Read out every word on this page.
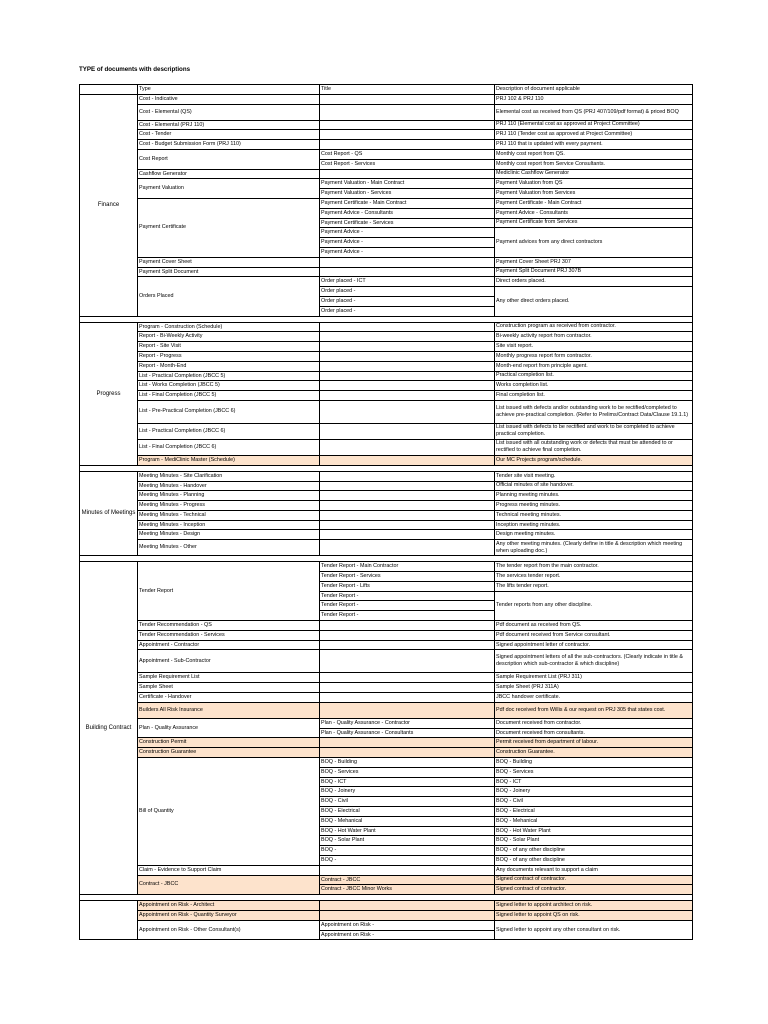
TYPE of documents with descriptions
	Type	Title	Description of document applicable
Finance	Cost - Indicative		PRJ 102 & PRJ 110
	Cost - Elemental (QS)		Elemental cost as received from QS (PRJ 407/109/pdf format) & priced BOQ
	Cost - Elemental (PRJ 110)		PRJ 110 (Elemental cost as approved at Project Committee)
	Cost - Tender		PRJ 110 (Tender cost as approved at Project Committee)
	Cost - Budget Submission Form (PRJ 110)		PRJ 110 that is updated with every payment.
	Cost Report	Cost Report - QS	Monthly cost report from QS.
		Cost Report - Services	Monthly cost report from Service Consultants.
	Cashflow Generator		Mediclinic Cashflow Generator
	Payment Valuation	Payment Valuation - Main Contract	Payment Valuation from QS
		Payment Valuation - Services	Payment Valuation from Services
	Payment Certificate	Payment Certificate - Main Contract	Payment Certificate - Main Contract
		Payment Advice - Consultants	Payment Advice - Consultants
		Payment Certificate - Services	Payment Certificate from Services
		Payment Advice -	Payment advices from any direct contractors
		Payment Advice -	
		Payment Advice -	
	Payment Cover Sheet		Payment Cover Sheet PRJ 307
	Payment Split Document		Payment Split Document PRJ 307B
	Orders Placed	Order placed - ICT	Direct orders placed.
		Order placed -	Any other direct orders placed.
		Order placed -	
		Order placed -	

Progress	Program - Construction (Schedule)		Construction program as received from contractor.
	Report - Bi-Weekly Activity		Bi-weekly activity report from contractor.
	Report - Site Visit		Site visit report.
	Report - Progress		Monthly progress report form contractor.
	Report - Month-End		Month-end report from principle agent.
	List - Practical Completion (JBCC 5)		Practical completion list.
	List - Works Completion (JBCC 5)		Works completion list.
	List - Final Completion (JBCC 5)		Final completion list.
	List - Pre-Practical Completion (JBCC 6)		List issued with defects and/or outstanding work to be rectified/completed to achieve pre-practical completion. (Refer to Prelims/Contract Data/Clause 19.1.1)
	List - Practical Completion (JBCC 6)		List issued with defects to be rectified and work to be completed to achieve practical completion.
	List - Final Completion (JBCC 6)		List issued with all outstanding work or defects that must be attended to or rectified to achieve final completion.
	Program - MediClinic Master (Schedule)		Our MC Projects program/schedule.

Minutes of Meetings	Meeting Minutes - Site Clarification		Tender site visit meeting.
	Meeting Minutes - Handover		Official minutes of site handover.
	Meeting Minutes - Planning		Planning meeting minutes.
	Meeting Minutes - Progress		Progress meeting minutes.
	Meeting Minutes - Technical		Technical meeting minutes.
	Meeting Minutes - Inception		Inception meeting minutes.
	Meeting Minutes - Design		Design meeting minutes.
	Meeting Minutes - Other		Any other meeting minutes. (Clearly define in title & description which meeting when uploading doc.)

Building Contract	Tender Report	Tender Report - Main Contractor	The tender report from the main contractor.
		Tender Report - Services	The services tender report.
		Tender Report - Lifts	The lifts tender report.
		Tender Report -	Tender reports from any other discipline.
		Tender Report -	
		Tender Report -	
	Tender Recommendation - QS		Pdf document as received from QS.
	Tender Recommendation - Services		Pdf document received from Service consultant.
	Appointment - Contractor		Signed appointment letter of contractor.
	Appointment - Sub-Contractor		Signed appointment letters of all the sub-contractors. (Clearly indicate in title & description which sub-contractor & which discipline)
	Sample Requirement List		Sample Requirement List (PRJ 311)
	Sample Sheet		Sample Sheet (PRJ 311A)
	Certificate - Handover		JBCC handover certificate.
	Builders All Risk Insurance		Pdf doc received from Willis & our request on PRJ 305 that states cost.
	Plan - Quality Assurance	Plan - Quality Assurance - Contractor	Document received from contractor.
		Plan - Quality Assurance - Consultants	Document received from consultants.
	Construction Permit		Permit received from department of labour.
	Construction Guarantee		Construction Guarantee.
	Bill of Quantity	BOQ - Building	BOQ - Building
		BOQ - Services	BOQ - Services
		BOQ - ICT	BOQ - ICT
		BOQ - Joinery	BOQ - Joinery
		BOQ - Civil	BOQ - Civil
		BOQ - Electrical	BOQ - Electrical
		BOQ - Mehanical	BOQ - Mehanical
		BOQ - Hot Water Plant	BOQ - Hot Water Plant
		BOQ - Solar Plant	BOQ - Solar Plant
		BOQ -	BOQ - of any other discipline
		BOQ -	BOQ - of any other discipline
	Claim - Evidence to Support Claim		Any documents relevant to support a claim
	Contract - JBCC	Contract - JBCC	Signed contract of contractor.
		Contract - JBCC Minor Works	Signed contract of contractor.

	Appointment on Risk - Architect		Signed letter to appoint architect on risk.
	Appointment on Risk - Quantity Surveyor		Signed letter to appoint QS on risk.
	Appointment on Risk - Other Consultant(s)	Appointment on Risk -	Signed letter to appoint any other consultant on risk.
		Appointment on Risk -	
